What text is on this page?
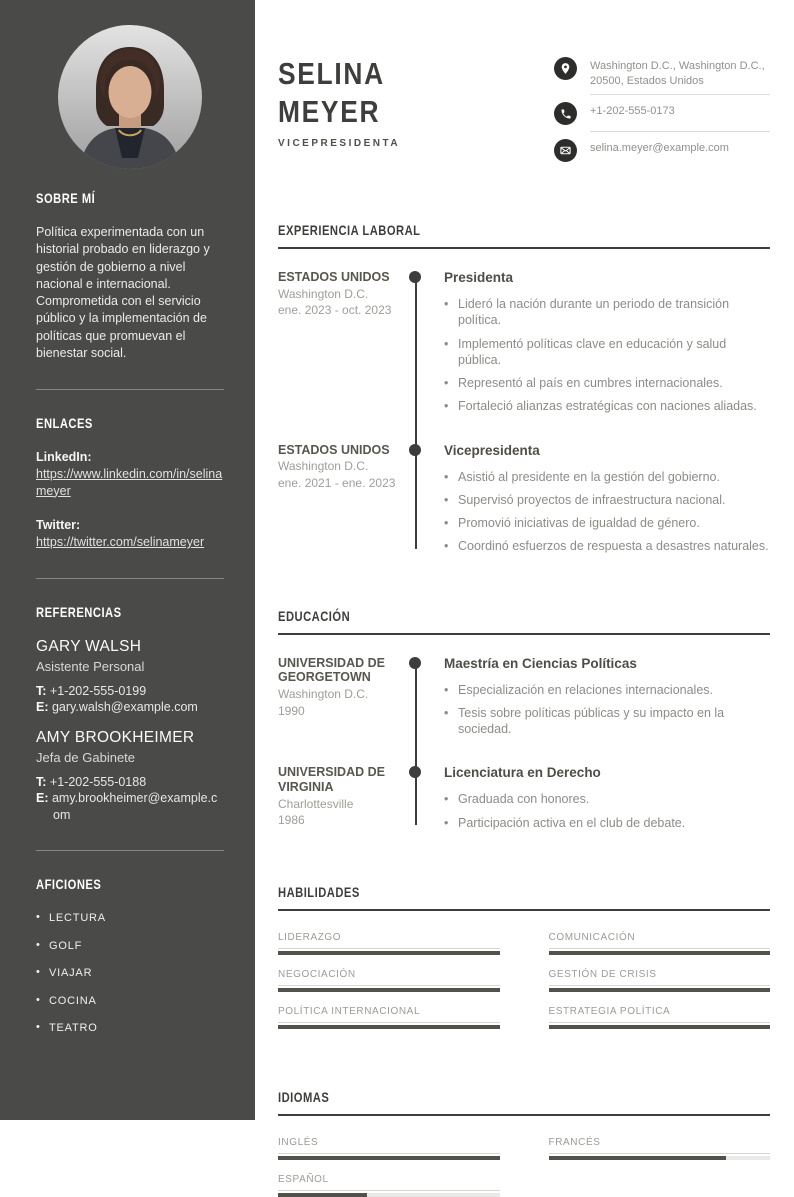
SOBRE MÍ

Política experimentada con un historial probado en liderazgo y gestión de gobierno a nivel nacional e internacional. Comprometida con el servicio público y la implementación de políticas que promuevan el bienestar social.

ENLACES
LinkedIn:
https://www.linkedin.com/in/selinameyer
Twitter:
https://twitter.com/selinameyer
REFERENCIAS
GARY WALSH
Asistente Personal

T: +1-202-555-0199

E: gary.walsh@example.com

AMY BROOKHEIMER
Jefa de Gabinete

T: +1-202-555-0188

E: amy.brookheimer@example.com

AFICIONES
• LECTURA
• GOLF
• VIAJAR
• COCINA
• TEATRO
SELINA
MEYER
VICEPRESIDENTA
Washington D.C., Washington D.C., 20500, Estados Unidos
+1-202-555-0173
selina.meyer@example.com
EXPERIENCIA LABORAL
ESTADOS UNIDOS
Washington D.C.
ene. 2023 - oct. 2023
Presidenta
• Lideró la nación durante un periodo de transición política.
• Implementó políticas clave en educación y salud pública.
• Representó al país en cumbres internacionales.
• Fortaleció alianzas estratégicas con naciones aliadas.
ESTADOS UNIDOS
Washington D.C.
ene. 2021 - ene. 2023
Vicepresidenta
• Asistió al presidente en la gestión del gobierno.
• Supervisó proyectos de infraestructura nacional.
• Promovió iniciativas de igualdad de género.
• Coordinó esfuerzos de respuesta a desastres naturales.
EDUCACIÓN
UNIVERSIDAD DE GEORGETOWN
Washington D.C.
1990
Maestría en Ciencias Políticas
• Especialización en relaciones internacionales.
• Tesis sobre políticas públicas y su impacto en la sociedad.
UNIVERSIDAD DE VIRGINIA
Charlottesville
1986
Licenciatura en Derecho
• Graduada con honores.
• Participación activa en el club de debate.
HABILIDADES
LIDERAZGO	COMUNICACIÓN
NEGOCIACIÓN	GESTIÓN DE CRISIS
POLÍTICA INTERNACIONAL	ESTRATEGIA POLÍTICA
IDIOMAS
INGLÉS	FRANCÉS
ESPAÑOL
